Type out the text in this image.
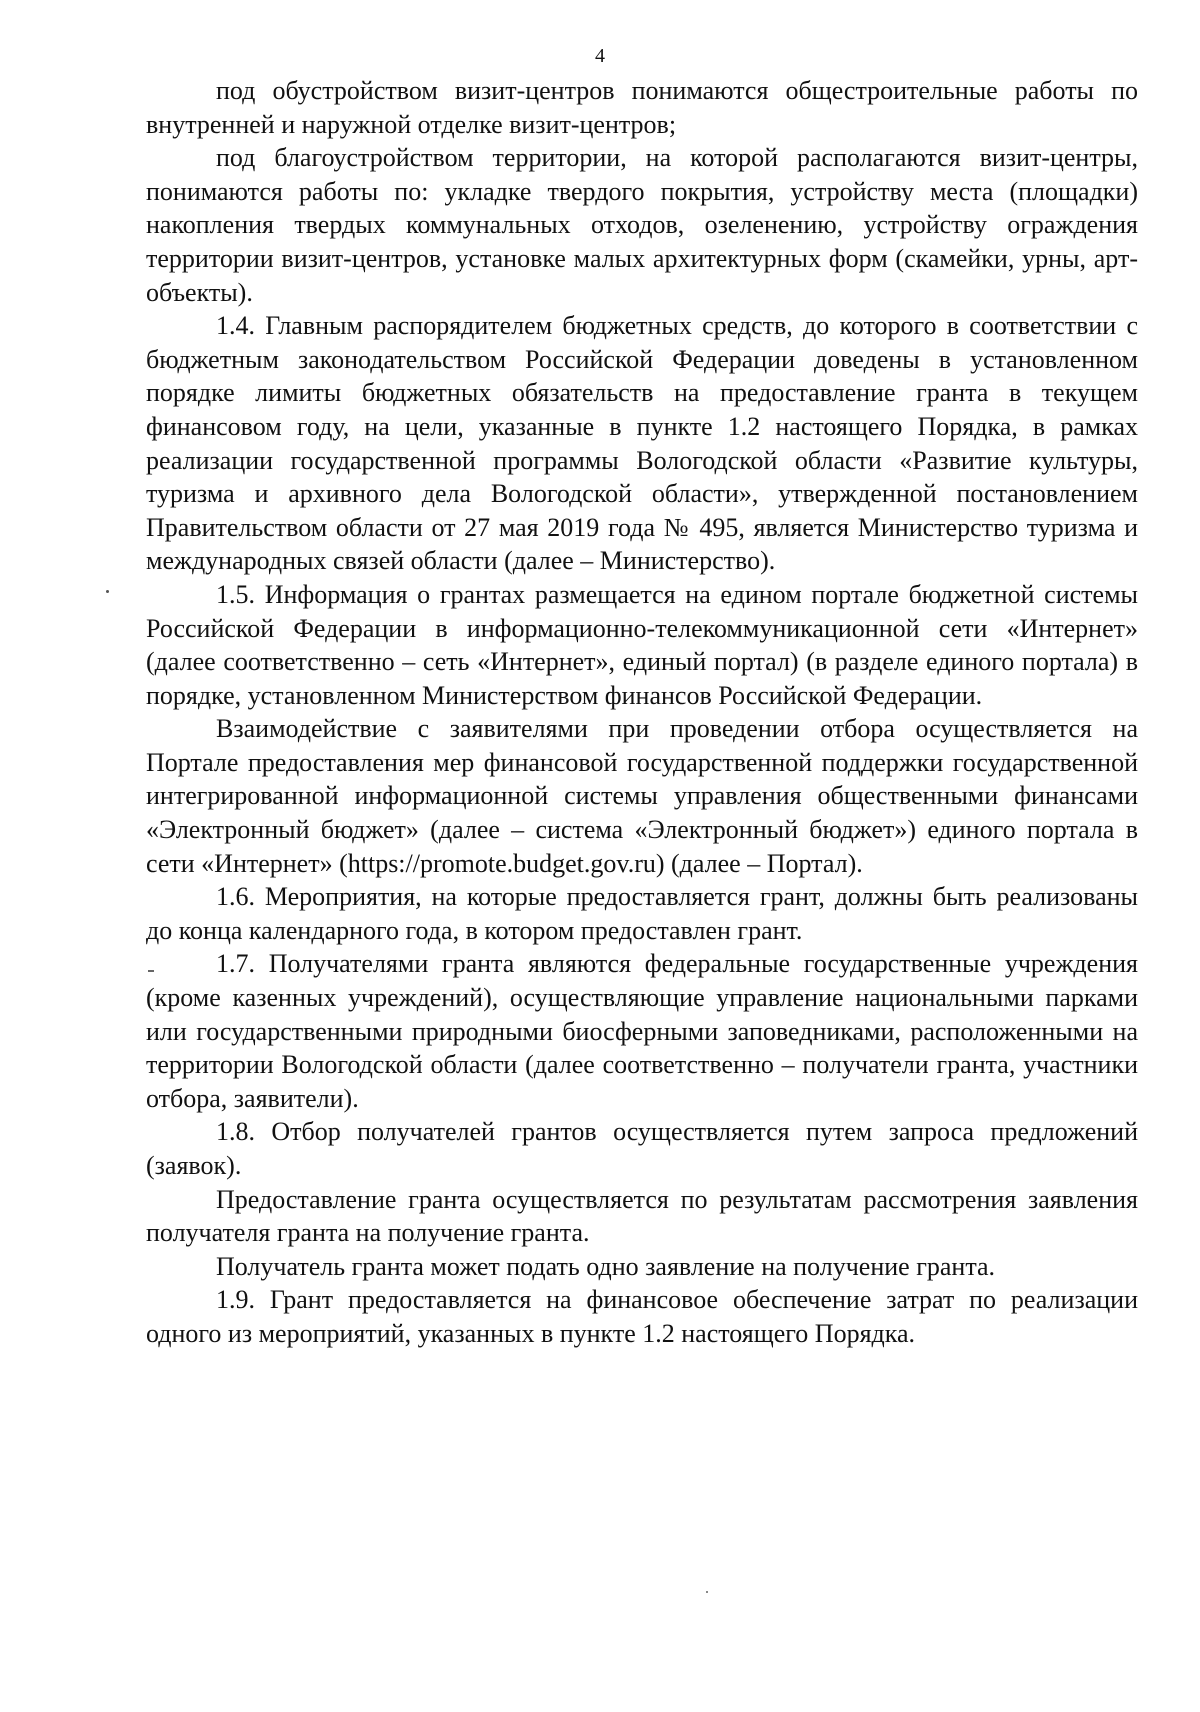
4

под обустройством визит-центров понимаются общестроительные работы по внутренней и наружной отделке визит-центров;

под благоустройством территории, на которой располагаются визит-центры, понимаются работы по: укладке твердого покрытия, устройству места (площадки) накопления твердых коммунальных отходов, озеленению, устройству ограждения территории визит-центров, установке малых архитектурных форм (скамейки, урны, арт-объекты).

1.4. Главным распорядителем бюджетных средств, до которого в соответствии с бюджетным законодательством Российской Федерации доведены в установленном порядке лимиты бюджетных обязательств на предоставление гранта в текущем финансовом году, на цели, указанные в пункте 1.2 настоящего Порядка, в рамках реализации государственной программы Вологодской области «Развитие культуры, туризма и архивного дела Вологодской области», утвержденной постановлением Правительством области от 27 мая 2019 года № 495, является Министерство туризма и международных связей области (далее – Министерство).

1.5. Информация о грантах размещается на едином портале бюджетной системы Российской Федерации в информационно-телекоммуникационной сети «Интернет» (далее соответственно – сеть «Интернет», единый портал) (в разделе единого портала) в порядке, установленном Министерством финансов Российской Федерации.

Взаимодействие с заявителями при проведении отбора осуществляется на Портале предоставления мер финансовой государственной поддержки государственной интегрированной информационной системы управления общественными финансами «Электронный бюджет» (далее – система «Электронный бюджет») единого портала в сети «Интернет» (https://promote.budget.gov.ru) (далее – Портал).

1.6. Мероприятия, на которые предоставляется грант, должны быть реализованы до конца календарного года, в котором предоставлен грант.

1.7. Получателями гранта являются федеральные государственные учреждения (кроме казенных учреждений), осуществляющие управление национальными парками или государственными природными биосферными заповедниками, расположенными на территории Вологодской области (далее соответственно – получатели гранта, участники отбора, заявители).

1.8. Отбор получателей грантов осуществляется путем запроса предложений (заявок).

Предоставление гранта осуществляется по результатам рассмотрения заявления получателя гранта на получение гранта.

Получатель гранта может подать одно заявление на получение гранта.

1.9. Грант предоставляется на финансовое обеспечение затрат по реализации одного из мероприятий, указанных в пункте 1.2 настоящего Порядка.
